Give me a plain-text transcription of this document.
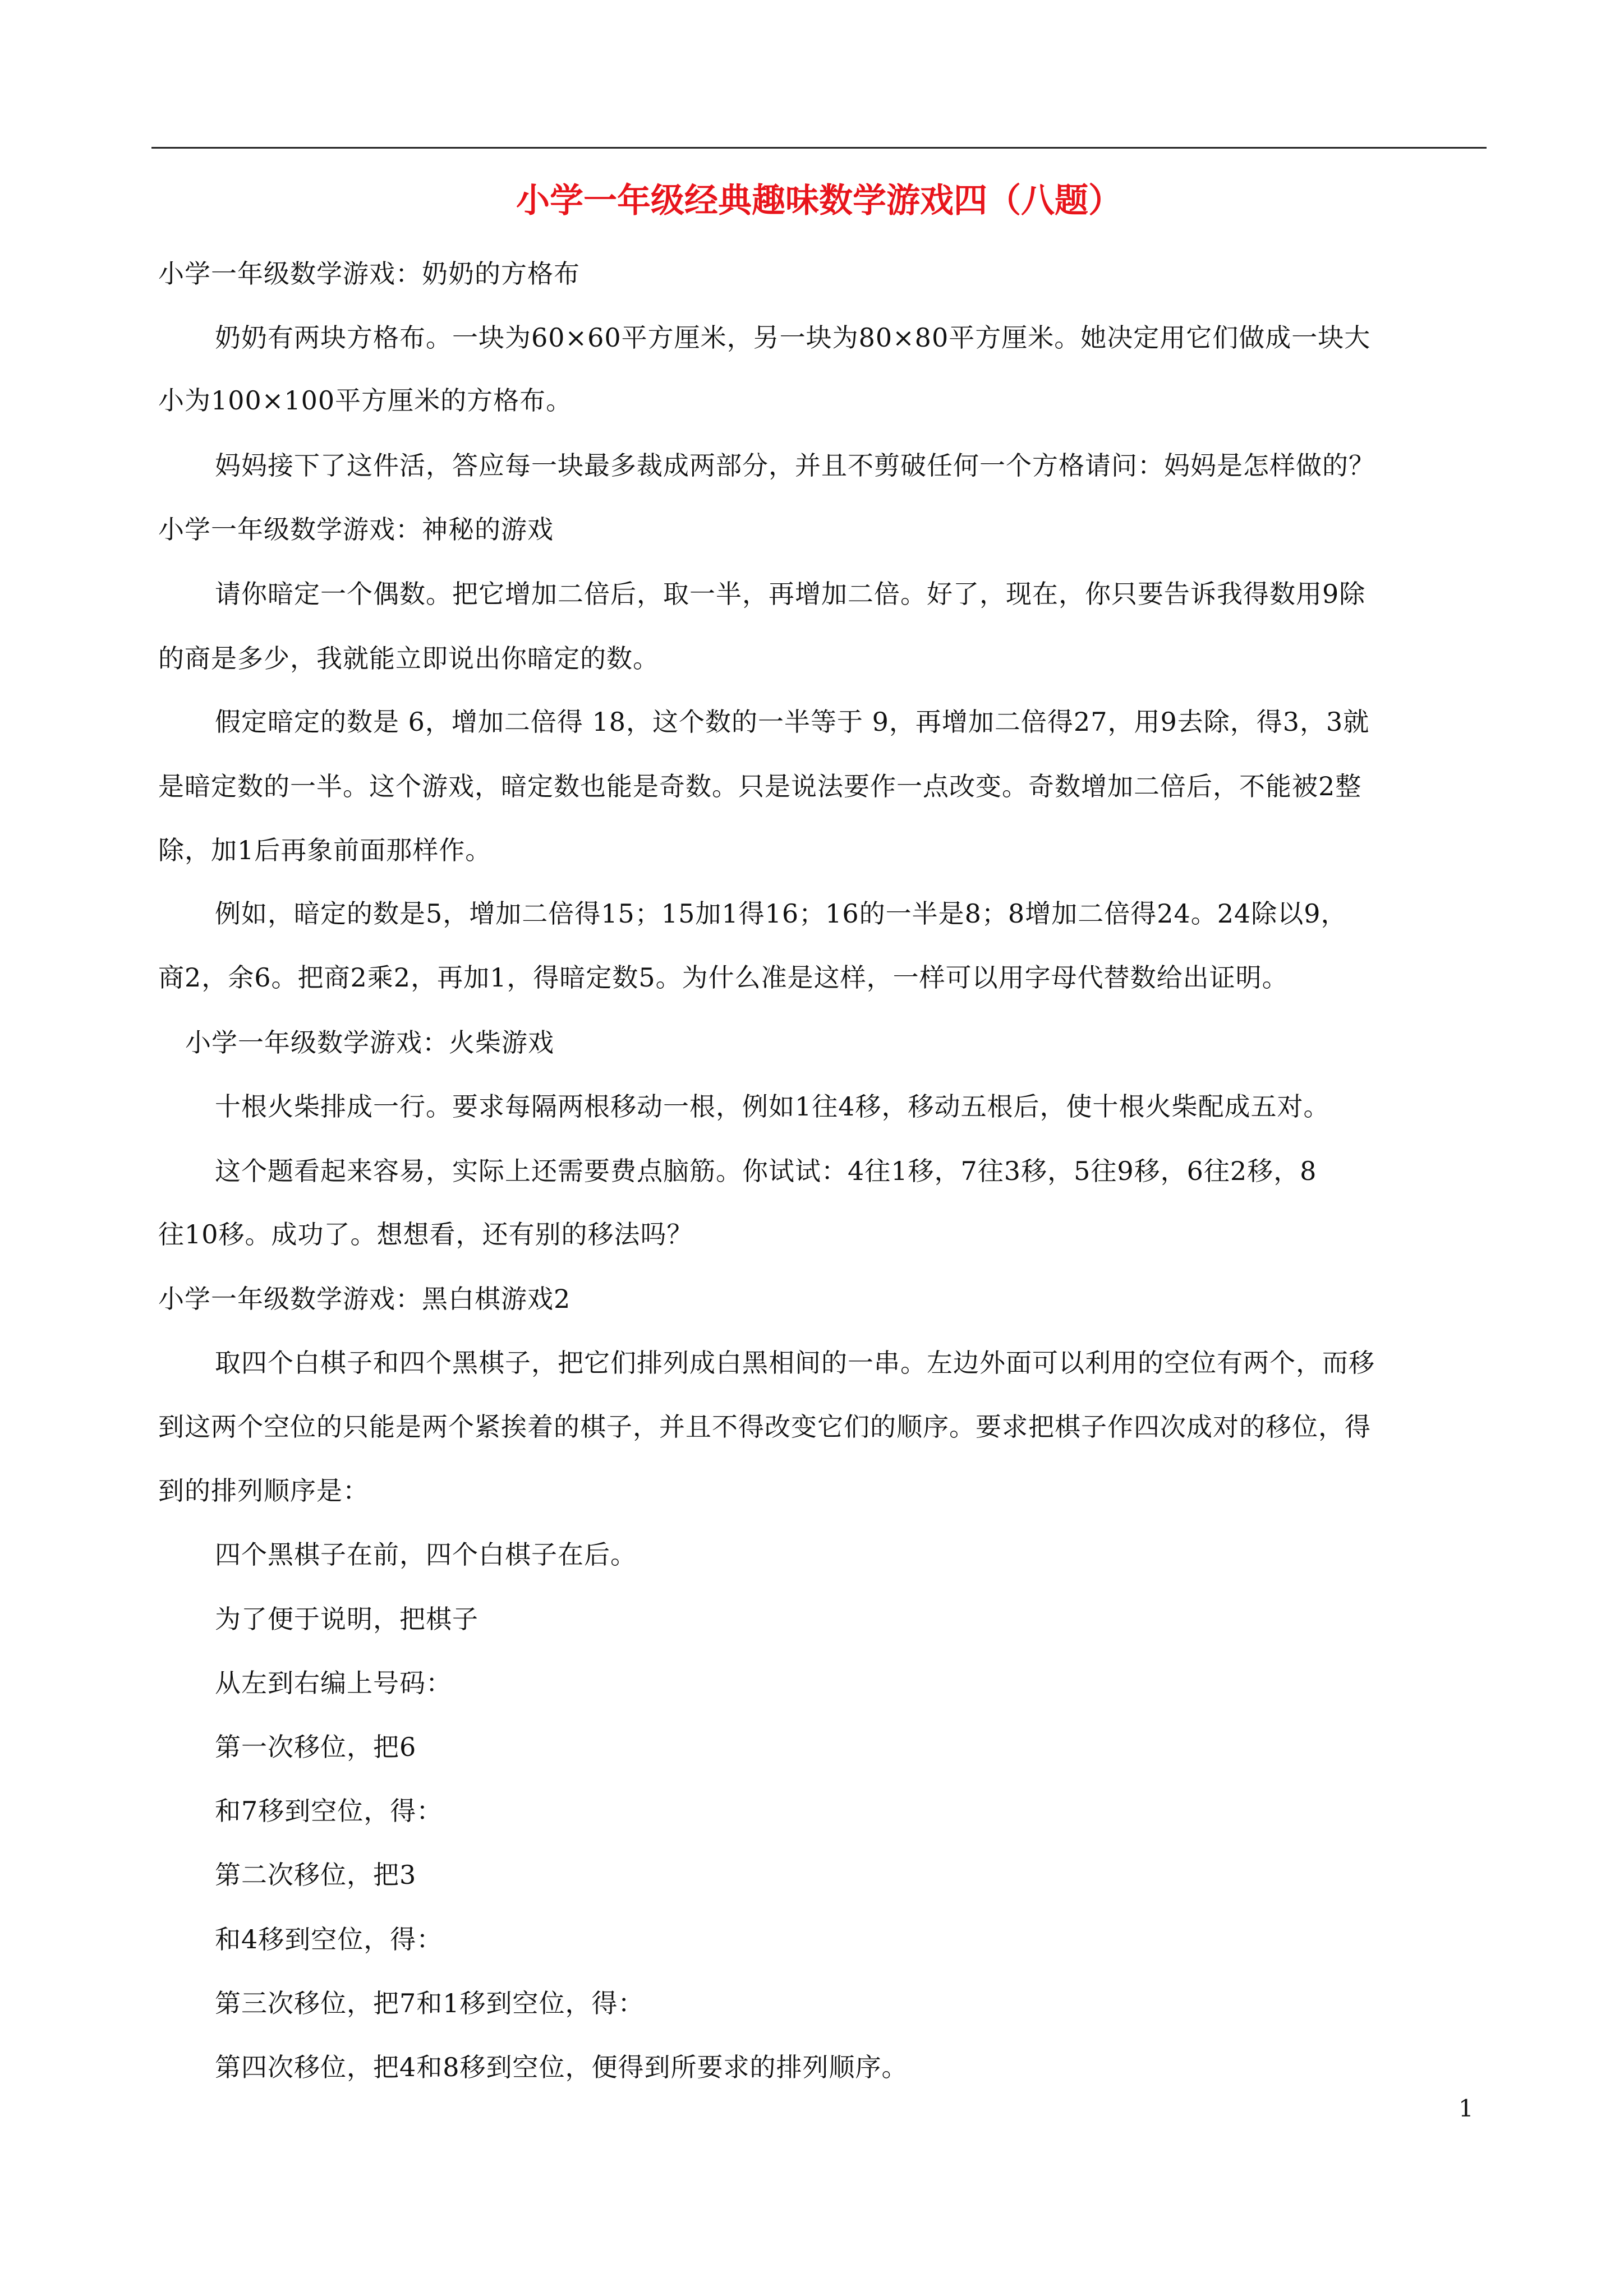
小学一年级经典趣味数学游戏四（八题）
小学一年级数学游戏：奶奶的方格布
奶奶有两块方格布。一块为60×60平方厘米，另一块为80×80平方厘米。她决定用它们做成一块大
小为100×100平方厘米的方格布。
妈妈接下了这件活，答应每一块最多裁成两部分，并且不剪破任何一个方格请问：妈妈是怎样做的？
小学一年级数学游戏：神秘的游戏
请你暗定一个偶数。把它增加二倍后，取一半，再增加二倍。好了，现在，你只要告诉我得数用9除
的商是多少，我就能立即说出你暗定的数。
假定暗定的数是 6，增加二倍得 18，这个数的一半等于 9，再增加二倍得27，用9去除，得3，3就
是暗定数的一半。这个游戏，暗定数也能是奇数。只是说法要作一点改变。奇数增加二倍后，不能被2整
除，加1后再象前面那样作。
例如，暗定的数是5，增加二倍得15；15加1得16；16的一半是8；8增加二倍得24。24除以9，
商2，余6。把商2乘2，再加1，得暗定数5。为什么准是这样，一样可以用字母代替数给出证明。
小学一年级数学游戏：火柴游戏
十根火柴排成一行。要求每隔两根移动一根，例如1往4移，移动五根后，使十根火柴配成五对。
这个题看起来容易，实际上还需要费点脑筋。你试试：4往1移，7往3移，5往9移，6往2移，8
往10移。成功了。想想看，还有别的移法吗？
小学一年级数学游戏：黑白棋游戏2
取四个白棋子和四个黑棋子，把它们排列成白黑相间的一串。左边外面可以利用的空位有两个，而移
到这两个空位的只能是两个紧挨着的棋子，并且不得改变它们的顺序。要求把棋子作四次成对的移位，得
到的排列顺序是：
四个黑棋子在前，四个白棋子在后。
为了便于说明，把棋子
从左到右编上号码：
第一次移位，把6
和7移到空位，得：
第二次移位，把3
和4移到空位，得：
第三次移位，把7和1移到空位，得：
第四次移位，把4和8移到空位，便得到所要求的排列顺序。
1
